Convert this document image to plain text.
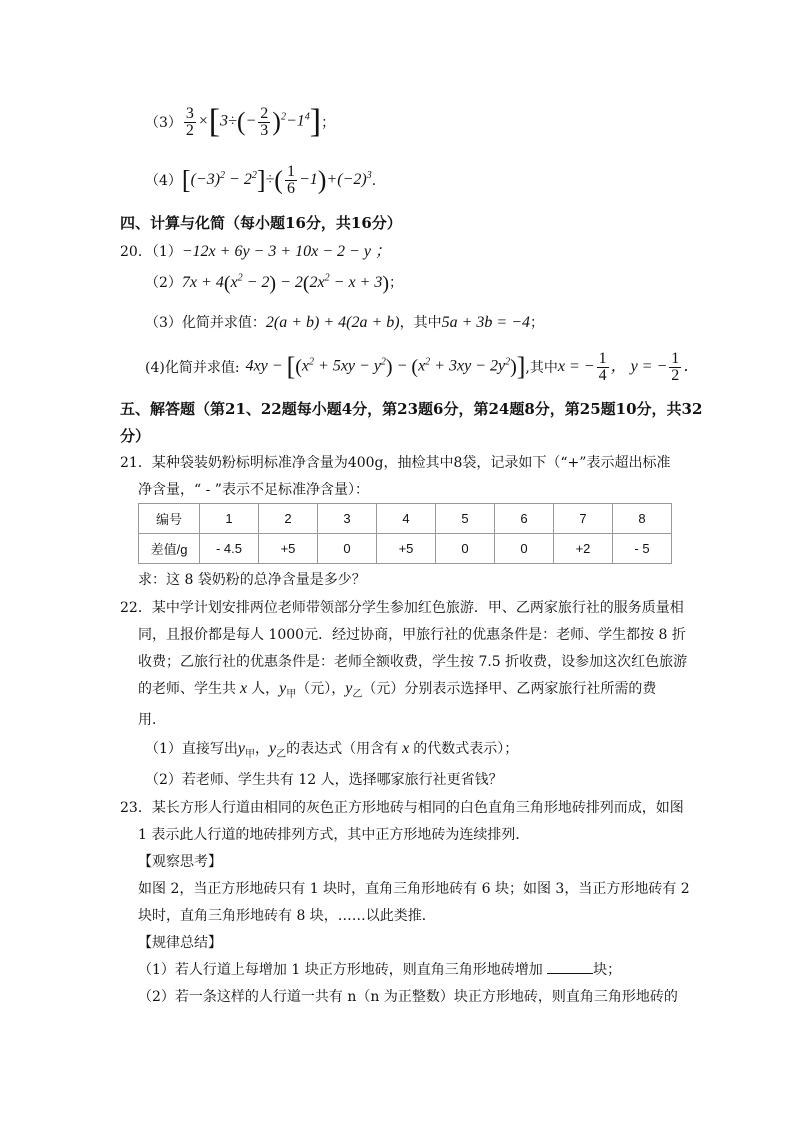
$(3) \frac{3}{2} \times[3\div(- \frac{2}{3} )^2-1^4]$ ；
（4） $[(-3)^2 - 2^2]\div( \frac{1}{6} -1)+(-2)^3$ ．
四、计算与化简（每小题16分，共16分）
20．（1）−12x + 6y − 3 + 10x − 2 − y ；
$(2)7x + 4(x^2 - 2) - 2(2x^2 - x + 3)$；
（3）化简并求值：2(a + b) + 4(2a + b)，其中5a + 3b = −4；
(4)化简并求值: $4xy - [(x^2 + 5xy - y^2) - (x^2 + 3xy - 2y^2)]$ ,其中 x = − $\frac{1}{4}$ ， y = − $\frac{1}{2}$ ．
五、解答题（第21、22题每小题4分，第23题6分，第24题8分，第25题10分，共32
分）
21．某种袋装奶粉标明标准净含量为400g，抽检其中8袋，记录如下（“+”表示超出标准
净含量，“ - ”表示不足标准净含量）：
编号	1	2	3	4	5	6	7	8
差值/g	- 4.5	+5	0	+5	0	0	+2	- 5
求：这 8 袋奶粉的总净含量是多少？
22．某中学计划安排两位老师带领部分学生参加红色旅游．甲、乙两家旅行社的服务质量相
同，且报价都是每人 1000元．经过协商，甲旅行社的优惠条件是：老师、学生都按 8 折
收费；乙旅行社的优惠条件是：老师全额收费，学生按 7.5 折收费，设参加这次红色旅游
的老师、学生共 x 人，$y_甲$（元），$y_乙$（元）分别表示选择甲、乙两家旅行社所需的费
用．
（1）直接写出$y_甲$，$y_乙$的表达式（用含有 x 的代数式表示）；
（2）若老师、学生共有 12 人，选择哪家旅行社更省钱？
23．某长方形人行道由相同的灰色正方形地砖与相同的白色直角三角形地砖排列而成，如图
1 表示此人行道的地砖排列方式，其中正方形地砖为连续排列．
【观察思考】
如图 2，当正方形地砖只有 1 块时，直角三角形地砖有 6 块；如图 3，当正方形地砖有 2
块时，直角三角形地砖有 8 块，……以此类推．
【规律总结】
（1）若人行道上每增加 1 块正方形地砖，则直角三角形地砖增加	块；
（2）若一条这样的人行道一共有 n（n 为正整数）块正方形地砖，则直角三角形地砖的
